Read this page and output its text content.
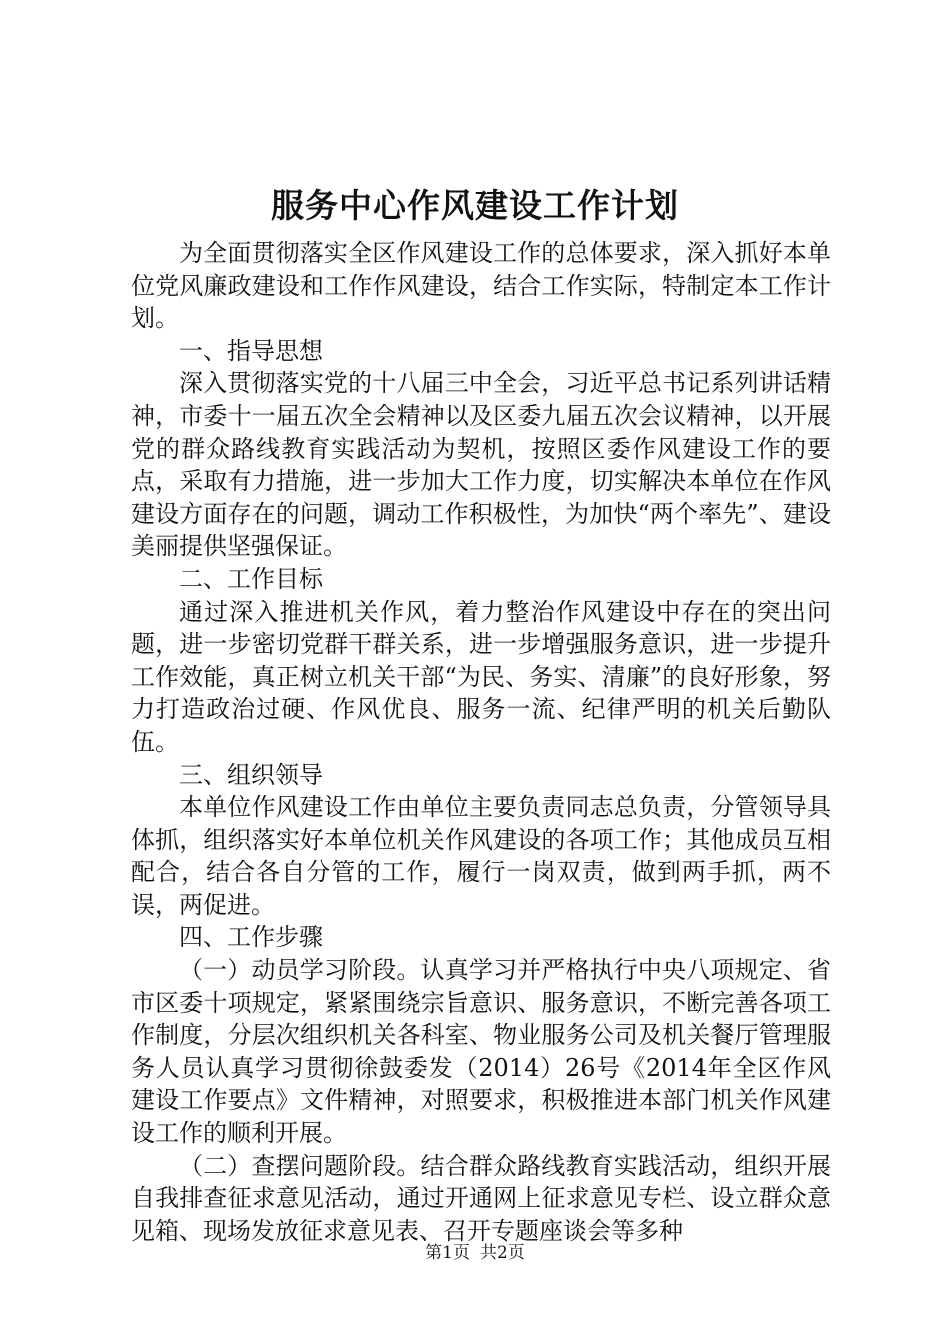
服务中心作风建设工作计划

为全面贯彻落实全区作风建设工作的总体要求，深入抓好本单位党风廉政建设和工作作风建设，结合工作实际，特制定本工作计划。

一、指导思想

深入贯彻落实党的十八届三中全会，习近平总书记系列讲话精神，市委十一届五次全会精神以及区委九届五次会议精神，以开展党的群众路线教育实践活动为契机，按照区委作风建设工作的要点，采取有力措施，进一步加大工作力度，切实解决本单位在作风建设方面存在的问题，调动工作积极性，为加快“两个率先”、建设美丽提供坚强保证。

二、工作目标

通过深入推进机关作风，着力整治作风建设中存在的突出问题，进一步密切党群干群关系，进一步增强服务意识，进一步提升工作效能，真正树立机关干部“为民、务实、清廉”的良好形象，努力打造政治过硬、作风优良、服务一流、纪律严明的机关后勤队伍。

三、组织领导

本单位作风建设工作由单位主要负责同志总负责，分管领导具体抓，组织落实好本单位机关作风建设的各项工作；其他成员互相配合，结合各自分管的工作，履行一岗双责，做到两手抓，两不误，两促进。

四、工作步骤

（一）动员学习阶段。认真学习并严格执行中央八项规定、省市区委十项规定，紧紧围绕宗旨意识、服务意识，不断完善各项工作制度，分层次组织机关各科室、物业服务公司及机关餐厅管理服务人员认真学习贯彻徐鼓委发（2014）26号《2014年全区作风建设工作要点》文件精神，对照要求，积极推进本部门机关作风建设工作的顺利开展。

（二）查摆问题阶段。结合群众路线教育实践活动，组织开展自我排查征求意见活动，通过开通网上征求意见专栏、设立群众意见箱、现场发放征求意见表、召开专题座谈会等多种

第1页 共2页
